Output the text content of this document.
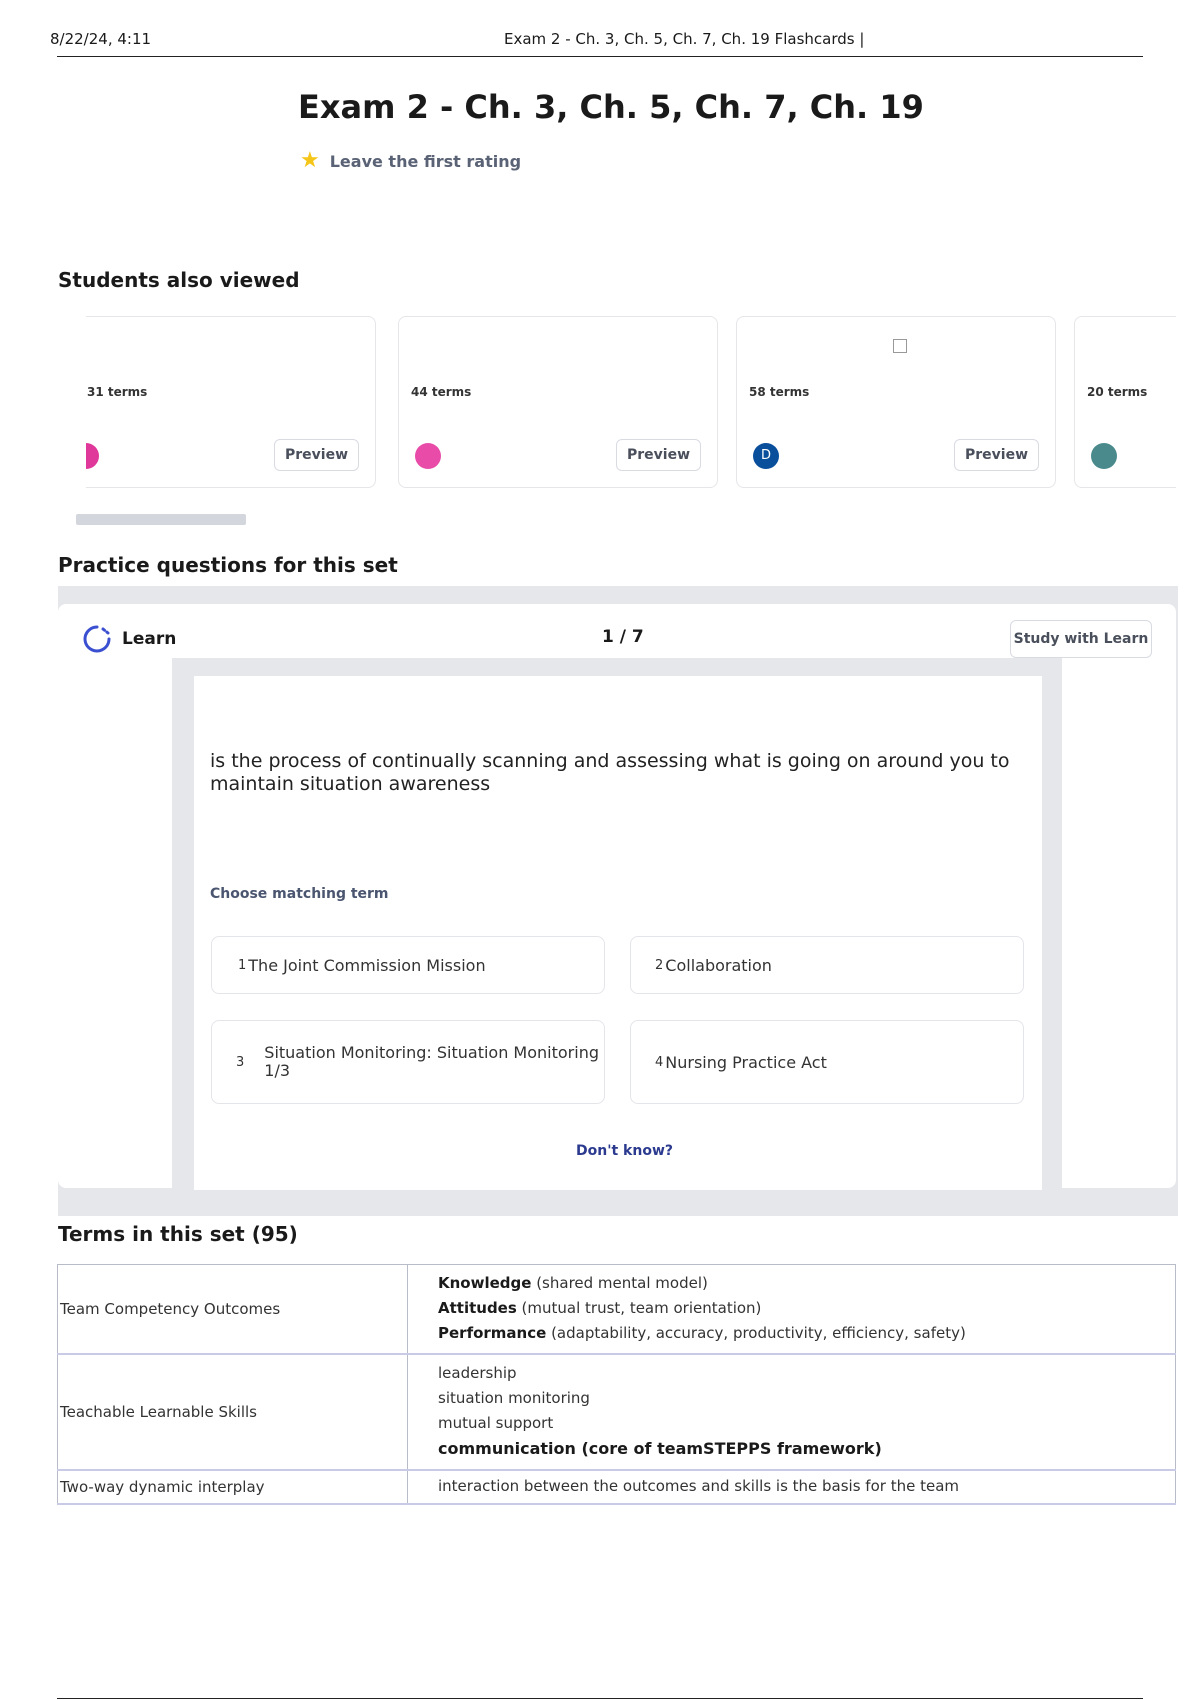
8/22/24, 4:11	Exam 2 - Ch. 3, Ch. 5, Ch. 7, Ch. 19 Flashcards |
Exam 2 - Ch. 3, Ch. 5, Ch. 7, Ch. 19
★ Leave the first rating
Students also viewed
31 terms
Preview
44 terms
Preview
58 terms
D	Preview
20 terms
Practice questions for this set
Learn	1 / 7	Study with Learn
is the process of continually scanning and assessing what is going on around you to maintain situation awareness
Choose matching term
1 The Joint Commission Mission	2 Collaboration
3 Situation Monitoring: Situation Monitoring 1/3	4 Nursing Practice Act
Don't know?
Terms in this set (95)
Team Competency Outcomes	Knowledge (shared mental model)
Attitudes (mutual trust, team orientation)
Performance (adaptability, accuracy, productivity, efficiency, safety)

Teachable Learnable Skills	leadership
situation monitoring
mutual support
communication (core of teamSTEPPS framework)

Two-way dynamic interplay	interaction between the outcomes and skills is the basis for the team
